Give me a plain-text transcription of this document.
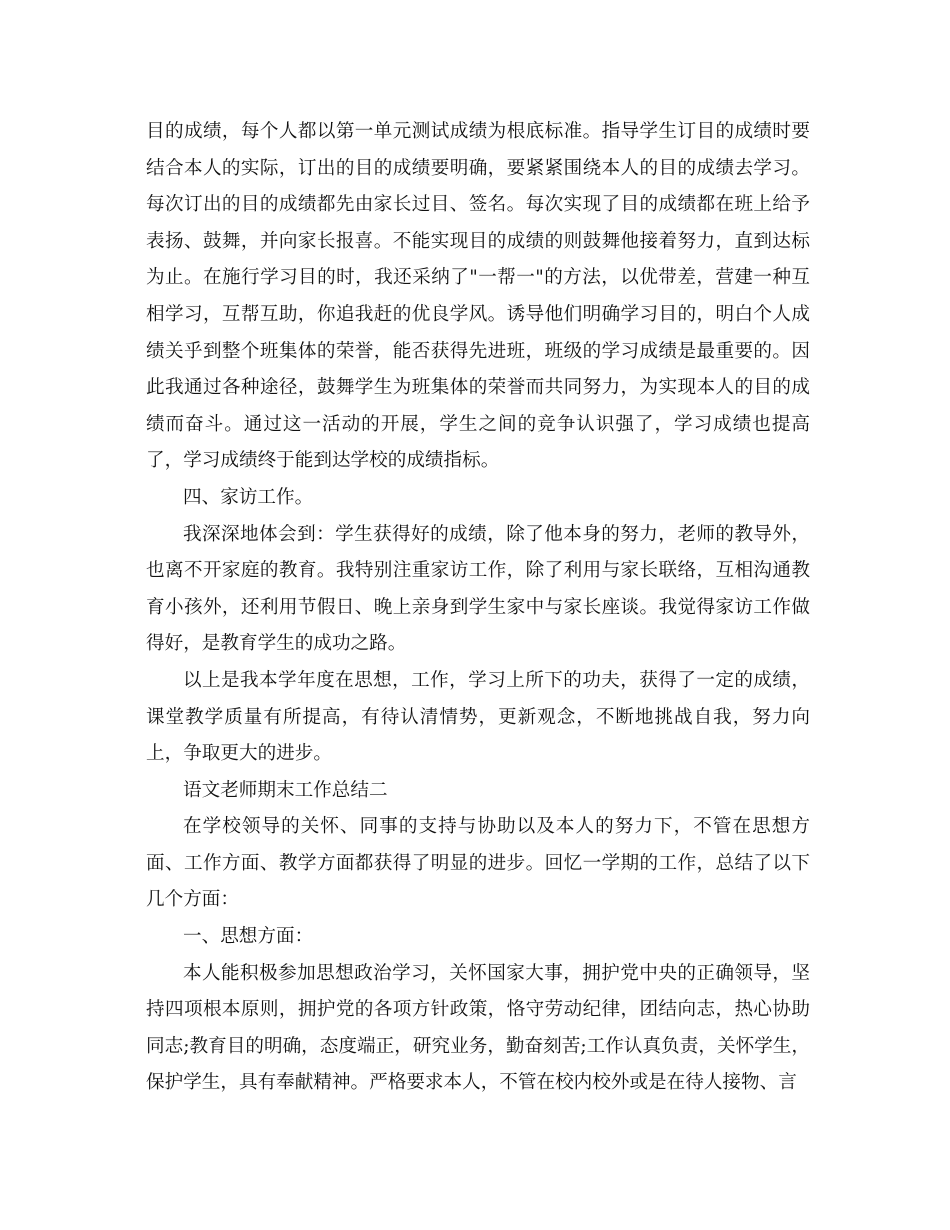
目的成绩，每个人都以第一单元测试成绩为根底标准。指导学生订目的成绩时要结合本人的实际，订出的目的成绩要明确，要紧紧围绕本人的目的成绩去学习。每次订出的目的成绩都先由家长过目、签名。每次实现了目的成绩都在班上给予表扬、鼓舞，并向家长报喜。不能实现目的成绩的则鼓舞他接着努力，直到达标为止。在施行学习目的时，我还采纳了"一帮一"的方法，以优带差，营建一种互相学习，互帮互助，你追我赶的优良学风。诱导他们明确学习目的，明白个人成绩关乎到整个班集体的荣誉，能否获得先进班，班级的学习成绩是最重要的。因此我通过各种途径，鼓舞学生为班集体的荣誉而共同努力，为实现本人的目的成绩而奋斗。通过这一活动的开展，学生之间的竞争认识强了，学习成绩也提高了，学习成绩终于能到达学校的成绩指标。

四、家访工作。

我深深地体会到：学生获得好的成绩，除了他本身的努力，老师的教导外，也离不开家庭的教育。我特别注重家访工作，除了利用与家长联络，互相沟通教育小孩外，还利用节假日、晚上亲身到学生家中与家长座谈。我觉得家访工作做得好，是教育学生的成功之路。

以上是我本学年度在思想，工作，学习上所下的功夫，获得了一定的成绩，课堂教学质量有所提高，有待认清情势，更新观念，不断地挑战自我，努力向上，争取更大的进步。

语文老师期末工作总结二

在学校领导的关怀、同事的支持与协助以及本人的努力下，不管在思想方面、工作方面、教学方面都获得了明显的进步。回忆一学期的工作，总结了以下几个方面：

一、思想方面：

本人能积极参加思想政治学习，关怀国家大事，拥护党中央的正确领导，坚持四项根本原则，拥护党的各项方针政策，恪守劳动纪律，团结向志，热心协助同志;教育目的明确，态度端正，研究业务，勤奋刻苦;工作认真负责，关怀学生，保护学生，具有奉献精神。严格要求本人，不管在校内校外或是在待人接物、言
